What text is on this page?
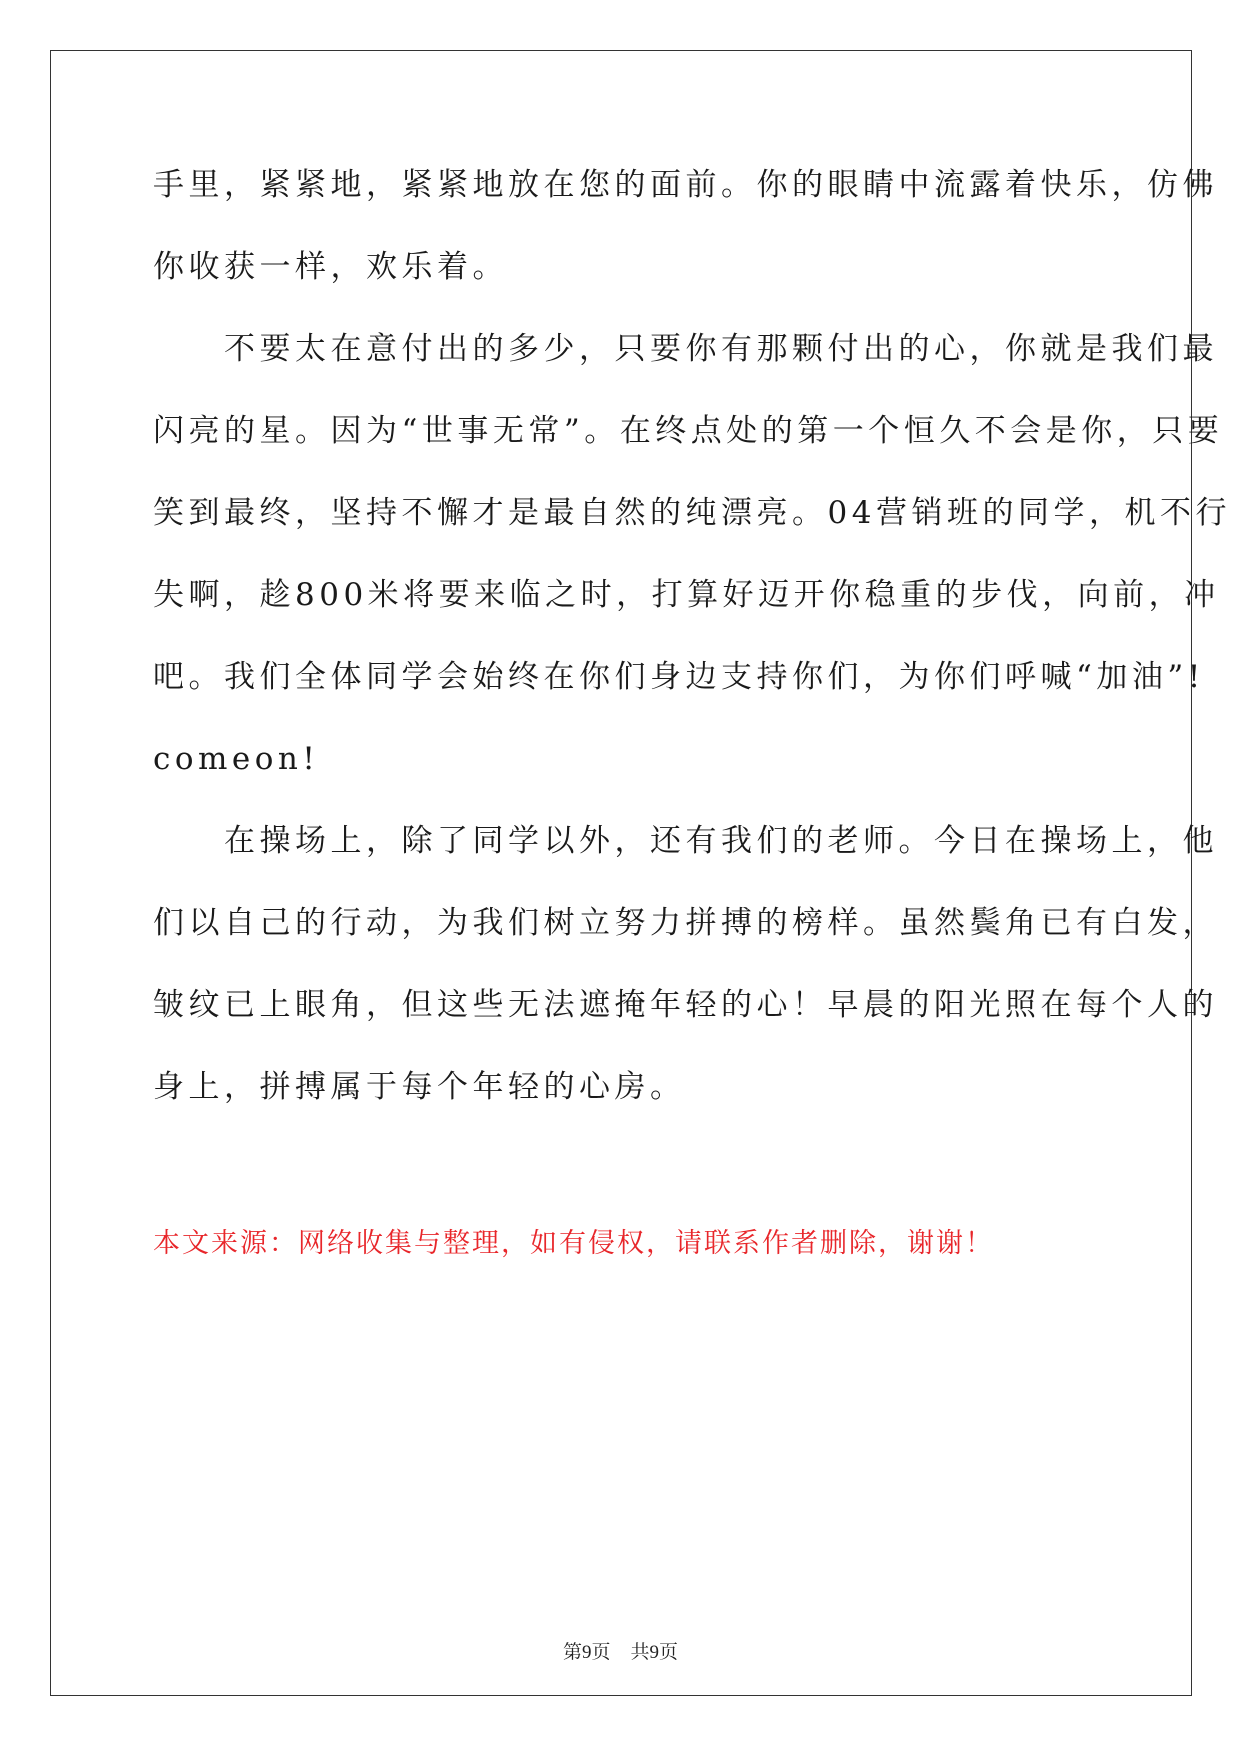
手里，紧紧地，紧紧地放在您的面前。你的眼睛中流露着快乐，仿佛
你收获一样，欢乐着。
　　不要太在意付出的多少，只要你有那颗付出的心，你就是我们最
闪亮的星。因为“世事无常”。在终点处的第一个恒久不会是你，只要
笑到最终，坚持不懈才是最自然的纯漂亮。04营销班的同学，机不行
失啊，趁800米将要来临之时，打算好迈开你稳重的步伐，向前，冲
吧。我们全体同学会始终在你们身边支持你们，为你们呼喊“加油”!
comeon!
　　在操场上，除了同学以外，还有我们的老师。今日在操场上，他
们以自己的行动，为我们树立努力拼搏的榜样。虽然鬓角已有白发，
皱纹已上眼角，但这些无法遮掩年轻的心！早晨的阳光照在每个人的
身上，拼搏属于每个年轻的心房。
本文来源：网络收集与整理，如有侵权，请联系作者删除，谢谢！
第9页 共9页
